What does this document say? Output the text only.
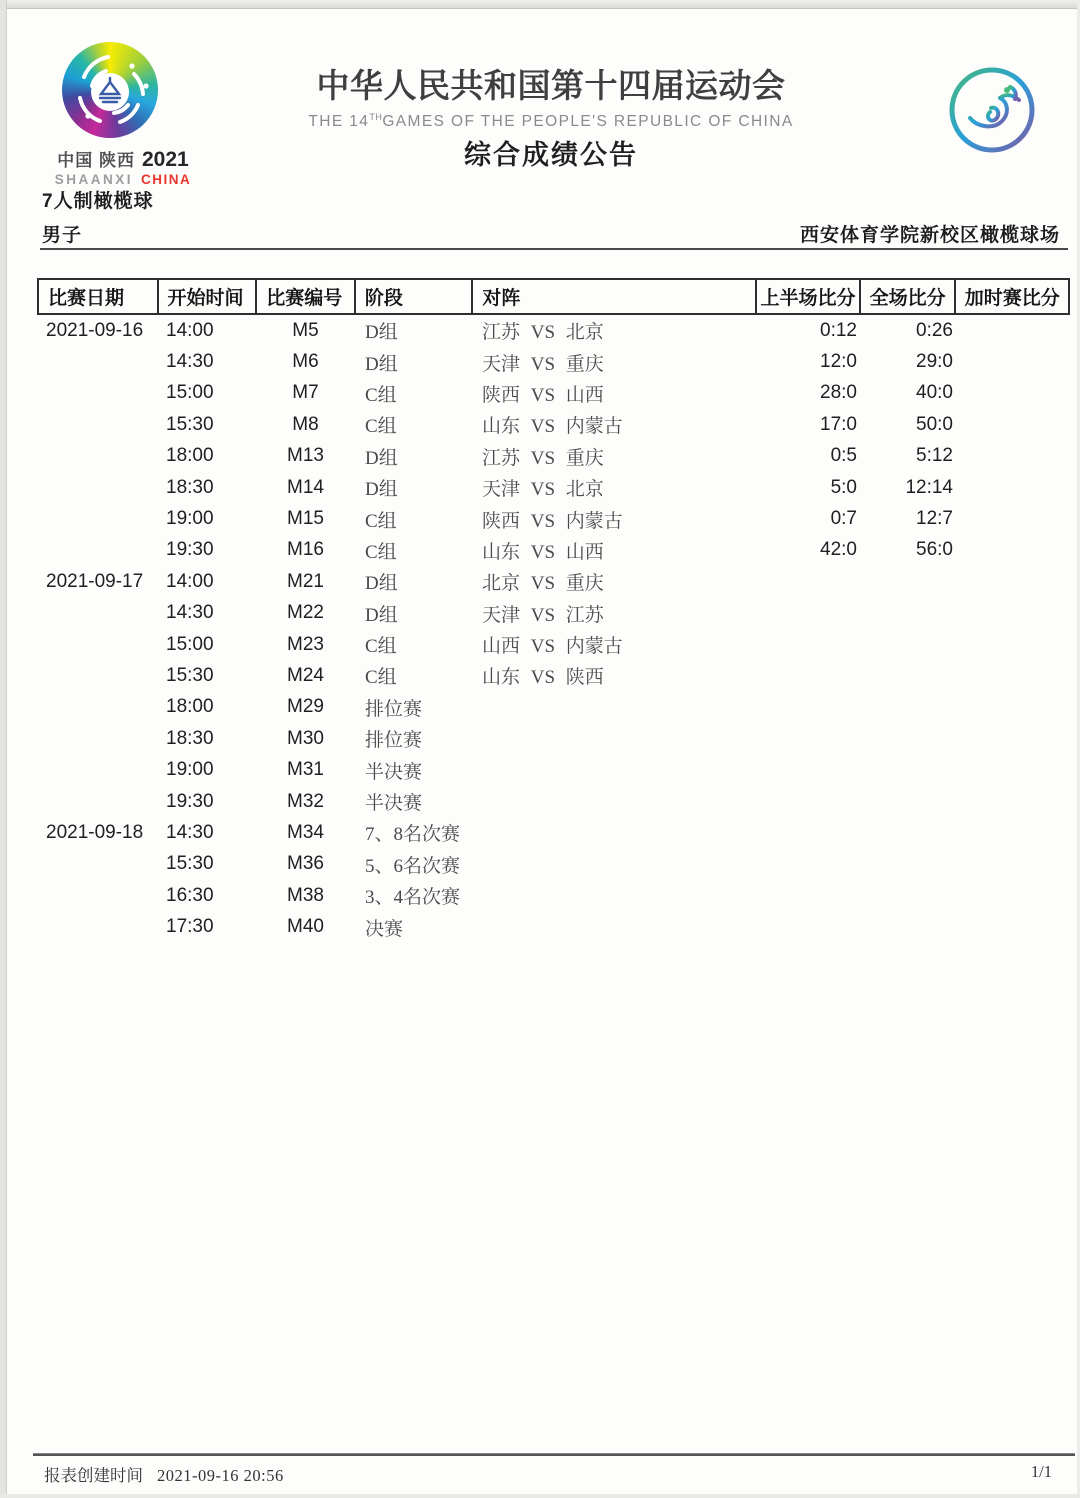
中国 陕西 2021
SHAANXI CHINA
中华人民共和国第十四届运动会
THE 14THGAMES OF THE PEOPLE'S REPUBLIC OF CHINA
综合成绩公告
7人制橄榄球
男子	西安体育学院新校区橄榄球场
比赛日期	开始时间	比赛编号	阶段	对阵	上半场比分 全场比分	加时赛比分
2021-09-16	14:00	M5	D组	江苏 VS 北京	0:12	0:26
14:30	M6	D组	天津 VS 重庆	12:0	29:0
15:00	M7	C组	陕西 VS 山西	28:0	40:0
15:30	M8	C组	山东 VS 内蒙古	17:0	50:0
18:00	M13	D组	江苏 VS 重庆	0:5	5:12
18:30	M14	D组	天津 VS 北京	5:0	12:14
19:00	M15	C组	陕西 VS 内蒙古	0:7	12:7
19:30	M16	C组	山东 VS 山西	42:0	56:0
2021-09-17	14:00	M21	D组	北京 VS 重庆
14:30	M22	D组	天津 VS 江苏
15:00	M23	C组	山西 VS 内蒙古
15:30	M24	C组	山东 VS 陕西
18:00	M29	排位赛
18:30	M30	排位赛
19:00	M31	半决赛
19:30	M32	半决赛
2021-09-18	14:30	M34	7、8名次赛
15:30	M36	5、6名次赛
16:30	M38	3、4名次赛
17:30	M40	决赛
报表创建时间 2021-09-16 20:56	1/1
